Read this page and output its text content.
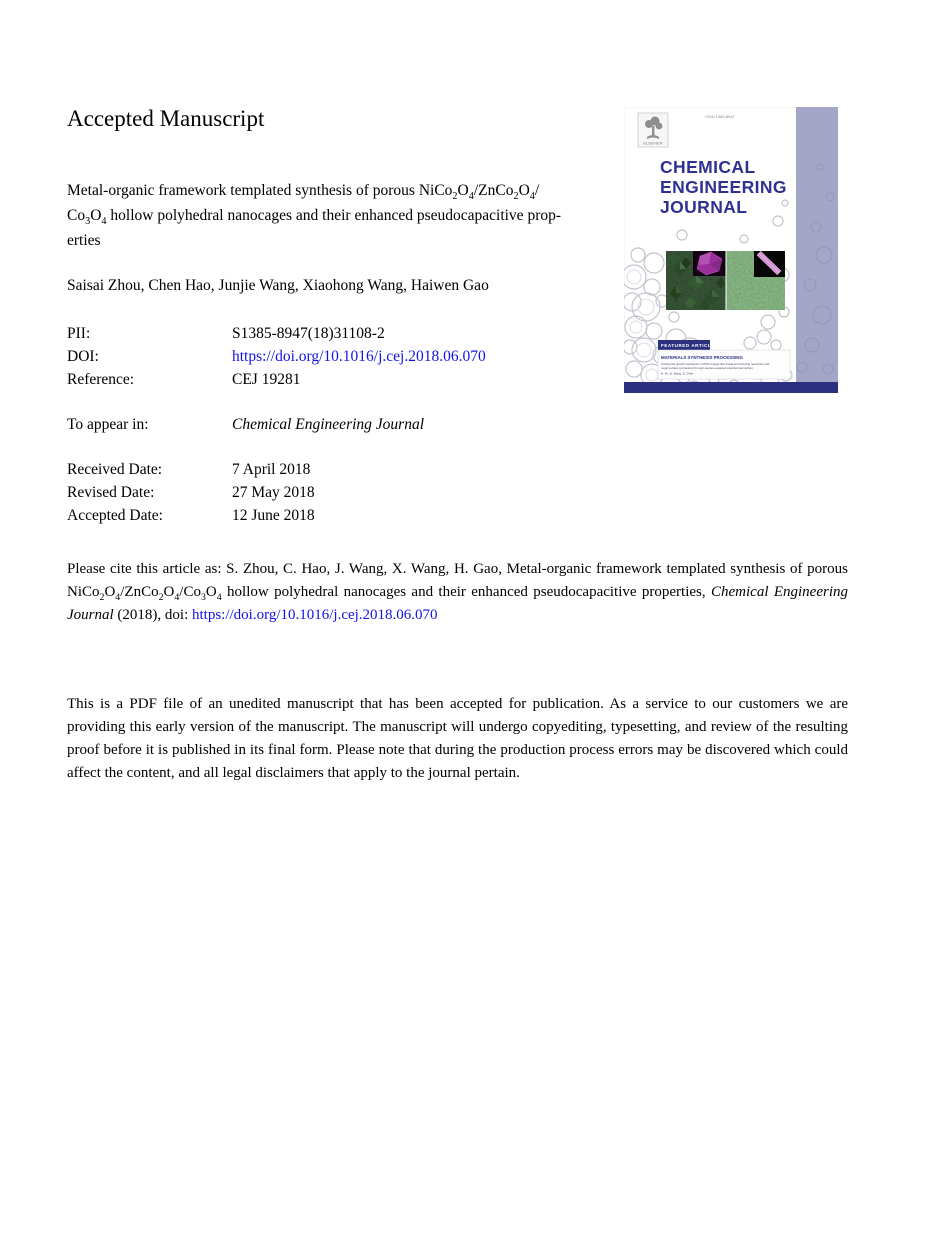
Accepted Manuscript
Metal-organic framework templated synthesis of porous $NiCo_2O_4/ZnCo_2O_4/$
$Co_3O_4$ hollow polyhedral nanocages and their enhanced pseudocapacitive prop-
erties
Saisai Zhou, Chen Hao, Junjie Wang, Xiaohong Wang, Haiwen Gao
PII:	S1385-8947(18)31108-2
DOI:	https://doi.org/10.1016/j.cej.2018.06.070
Reference:	CEJ 19281
To appear in:	Chemical Engineering Journal
Received Date:	7 April 2018
Revised Date:	27 May 2018
Accepted Date:	12 June 2018
Please cite this article as: S. Zhou, C. Hao, J. Wang, X. Wang, H. Gao, Metal-organic framework templated synthesis of porous $NiCo_2O_4/ZnCo_2O_4/Co_3O_4$ hollow polyhedral nanocages and their enhanced pseudocapacitive properties, Chemical Engineering Journal (2018), doi: https://doi.org/10.1016/j.cej.2018.06.070
This is a PDF file of an unedited manuscript that has been accepted for publication. As a service to our customers we are providing this early version of the manuscript. The manuscript will undergo copyediting, typesetting, and review of the resulting proof before it is published in its final form. Please note that during the production process errors may be discovered which could affect the content, and all legal disclaimers that apply to the journal pertain.
ELSEVIER
ISSN 1385-8947
CHEMICAL
ENGINEERING
JOURNAL
FEATURED ARTICLE
MATERIALS SYNTHESIS PROCESSING
Probing the growth mechanism of PbTe hopper-like crystal and directing nanowires with
rough surface synthesized through acetone-assisted solvothermal method
H. Fu, Q. Wang, S. Chen
